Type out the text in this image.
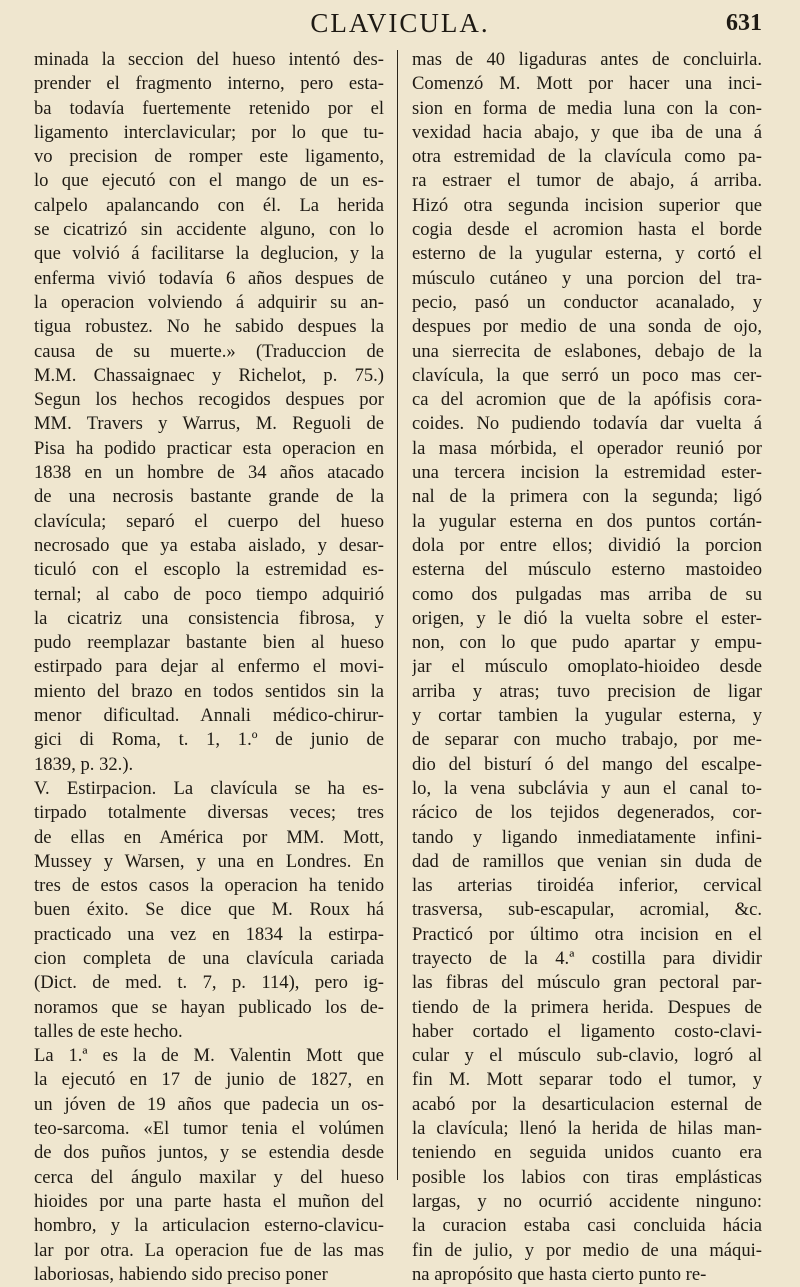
CLAVICULA.	631
minada la seccion del hueso intentó des-
prender el fragmento interno, pero esta-
ba todavía fuertemente retenido por el
ligamento interclavicular; por lo que tu-
vo precision de romper este ligamento,
lo que ejecutó con el mango de un es-
calpelo apalancando con él. La herida
se cicatrizó sin accidente alguno, con lo
que volvió á facilitarse la deglucion, y la
enferma vivió todavía 6 años despues de
la operacion volviendo á adquirir su an-
tigua robustez. No he sabido despues la
causa de su muerte.» (Traduccion de
M.M. Chassaignaec y Richelot, p. 75.)
Segun los hechos recogidos despues por
MM. Travers y Warrus, M. Reguoli de
Pisa ha podido practicar esta operacion en
1838 en un hombre de 34 años atacado
de una necrosis bastante grande de la
clavícula; separó el cuerpo del hueso
necrosado que ya estaba aislado, y desar-
ticuló con el escoplo la estremidad es-
ternal; al cabo de poco tiempo adquirió
la cicatriz una consistencia fibrosa, y
pudo reemplazar bastante bien al hueso
estirpado para dejar al enfermo el movi-
miento del brazo en todos sentidos sin la
menor dificultad. Annali médico-chirur-
gici di Roma, t. 1, 1.º de junio de
1839, p. 32.).
V. Estirpacion. La clavícula se ha es-
tirpado totalmente diversas veces; tres
de ellas en América por MM. Mott,
Mussey y Warsen, y una en Londres. En
tres de estos casos la operacion ha tenido
buen éxito. Se dice que M. Roux há
practicado una vez en 1834 la estirpa-
cion completa de una clavícula cariada
(Dict. de med. t. 7, p. 114), pero ig-
noramos que se hayan publicado los de-
talles de este hecho.
La 1.ª es la de M. Valentin Mott que
la ejecutó en 17 de junio de 1827, en
un jóven de 19 años que padecia un os-
teo-sarcoma. «El tumor tenia el volúmen
de dos puños juntos, y se estendia desde
cerca del ángulo maxilar y del hueso
hioides por una parte hasta el muñon del
hombro, y la articulacion esterno-clavicu-
lar por otra. La operacion fue de las mas
laboriosas, habiendo sido preciso poner
mas de 40 ligaduras antes de concluirla.
Comenzó M. Mott por hacer una inci-
sion en forma de media luna con la con-
vexidad hacia abajo, y que iba de una á
otra estremidad de la clavícula como pa-
ra estraer el tumor de abajo, á arriba.
Hizó otra segunda incision superior que
cogia desde el acromion hasta el borde
esterno de la yugular esterna, y cortó el
músculo cutáneo y una porcion del tra-
pecio, pasó un conductor acanalado, y
despues por medio de una sonda de ojo,
una sierrecita de eslabones, debajo de la
clavícula, la que serró un poco mas cer-
ca del acromion que de la apófisis cora-
coides. No pudiendo todavía dar vuelta á
la masa mórbida, el operador reunió por
una tercera incision la estremidad ester-
nal de la primera con la segunda; ligó
la yugular esterna en dos puntos cortán-
dola por entre ellos; dividió la porcion
esterna del músculo esterno mastoideo
como dos pulgadas mas arriba de su
origen, y le dió la vuelta sobre el ester-
non, con lo que pudo apartar y empu-
jar el músculo omoplato-hioideo desde
arriba y atras; tuvo precision de ligar
y cortar tambien la yugular esterna, y
de separar con mucho trabajo, por me-
dio del bisturí ó del mango del escalpe-
lo, la vena subclávia y aun el canal to-
rácico de los tejidos degenerados, cor-
tando y ligando inmediatamente infini-
dad de ramillos que venian sin duda de
las arterias tiroidéa inferior, cervical
trasversa, sub-escapular, acromial, &c.
Practicó por último otra incision en el
trayecto de la 4.ª costilla para dividir
las fibras del músculo gran pectoral par-
tiendo de la primera herida. Despues de
haber cortado el ligamento costo-clavi-
cular y el músculo sub-clavio, logró al
fin M. Mott separar todo el tumor, y
acabó por la desarticulacion esternal de
la clavícula; llenó la herida de hilas man-
teniendo en seguida unidos cuanto era
posible los labios con tiras emplásticas
largas, y no ocurrió accidente ninguno:
la curacion estaba casi concluida hácia
fin de julio, y por medio de una máqui-
na apropósito que hasta cierto punto re-
